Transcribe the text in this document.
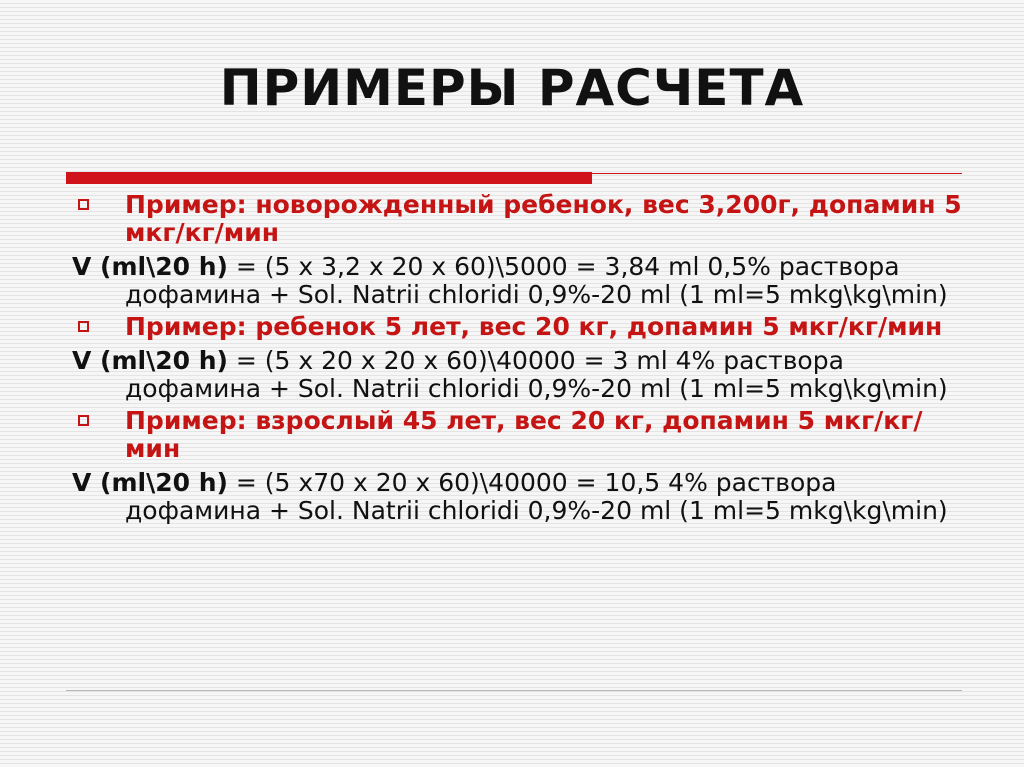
ПРИМЕРЫ РАСЧЕТА
Пример: новорожденный ребенок, вес 3,200г, допамин 5 мкг/кг/мин
V (ml\20 h) = (5 x 3,2 x 20 x 60)\5000 = 3,84 ml 0,5% раствора дофамина + Sol. Natrii chloridi 0,9%-20 ml (1 ml=5 mkg\kg\min)
Пример: ребенок 5 лет, вес 20 кг, допамин 5 мкг/кг/мин
V (ml\20 h) = (5 x 20 x 20 x 60)\40000 = 3 ml 4% раствора дофамина + Sol. Natrii chloridi 0,9%-20 ml (1 ml=5 mkg\kg\min)
Пример: взрослый 45 лет, вес 20 кг, допамин 5 мкг/кг/мин
V (ml\20 h) = (5 x70 x 20 x 60)\40000 = 10,5 4% раствора дофамина + Sol. Natrii chloridi 0,9%-20 ml (1 ml=5 mkg\kg\min)
